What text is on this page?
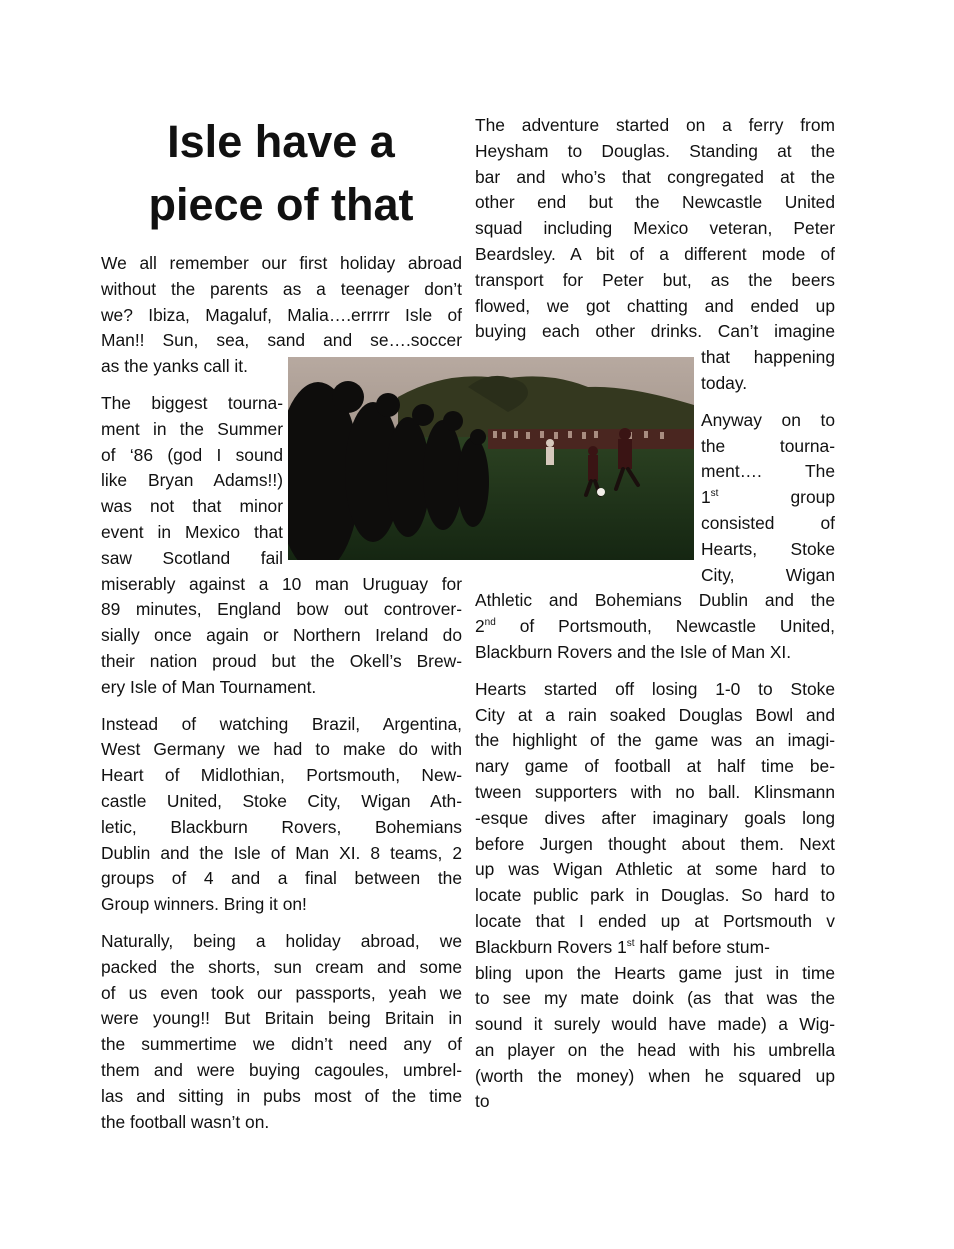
Isle have a
piece of that

We all remember our first holiday abroad
without the parents as a teenager don’t
we? Ibiza, Magaluf, Malia….errrrr Isle of
Man!! Sun, sea, sand and se….soccer
as the yanks call it.

The biggest tourna-
ment in the Summer
of ‘86 (god I sound
like Bryan Adams!!)
was not that minor
event in Mexico that
saw Scotland fail
miserably against a 10 man Uruguay for
89 minutes, England bow out controver-
sially once again or Northern Ireland do
their nation proud but the Okell’s Brew-
ery Isle of Man Tournament.

Instead of watching Brazil, Argentina,
West Germany we had to make do with
Heart of Midlothian, Portsmouth, New-
castle United, Stoke City, Wigan Ath-
letic, Blackburn Rovers, Bohemians
Dublin and the Isle of Man XI. 8 teams, 2
groups of 4 and a final between the
Group winners. Bring it on!

Naturally, being a holiday abroad, we
packed the shorts, sun cream and some
of us even took our passports, yeah we
were young!! But Britain being Britain in
the summertime we didn’t need any of
them and were buying cagoules, umbrel-
las and sitting in pubs most of the time
the football wasn’t on.

The adventure started on a ferry from
Heysham to Douglas. Standing at the
bar and who’s that congregated at the
other end but the Newcastle United
squad including Mexico veteran, Peter
Beardsley. A bit of a different mode of
transport for Peter but, as the beers
flowed, we got chatting and ended up
buying each other drinks. Can’t imagine
that happening
today.

Anyway on to
the tourna-
ment…. The
1st	group
consisted of
Hearts, Stoke
City, Wigan
Athletic and Bohemians Dublin and the
2nd of Portsmouth, Newcastle United,
Blackburn Rovers and the Isle of Man XI.

Hearts started off losing 1-0 to Stoke
City at a rain soaked Douglas Bowl and
the highlight of the game was an imagi-
nary game of football at half time be-
tween supporters with no ball. Klinsmann
-esque dives after imaginary goals long
before Jurgen thought about them. Next
up was Wigan Athletic at some hard to
locate public park in Douglas. So hard to
locate that I ended up at Portsmouth v
Blackburn Rovers 1st half before stum-
bling upon the Hearts game just in time
to see my mate doink (as that was the
sound it surely would have made) a Wig-
an player on the head with his umbrella
(worth the money) when he squared up
to
